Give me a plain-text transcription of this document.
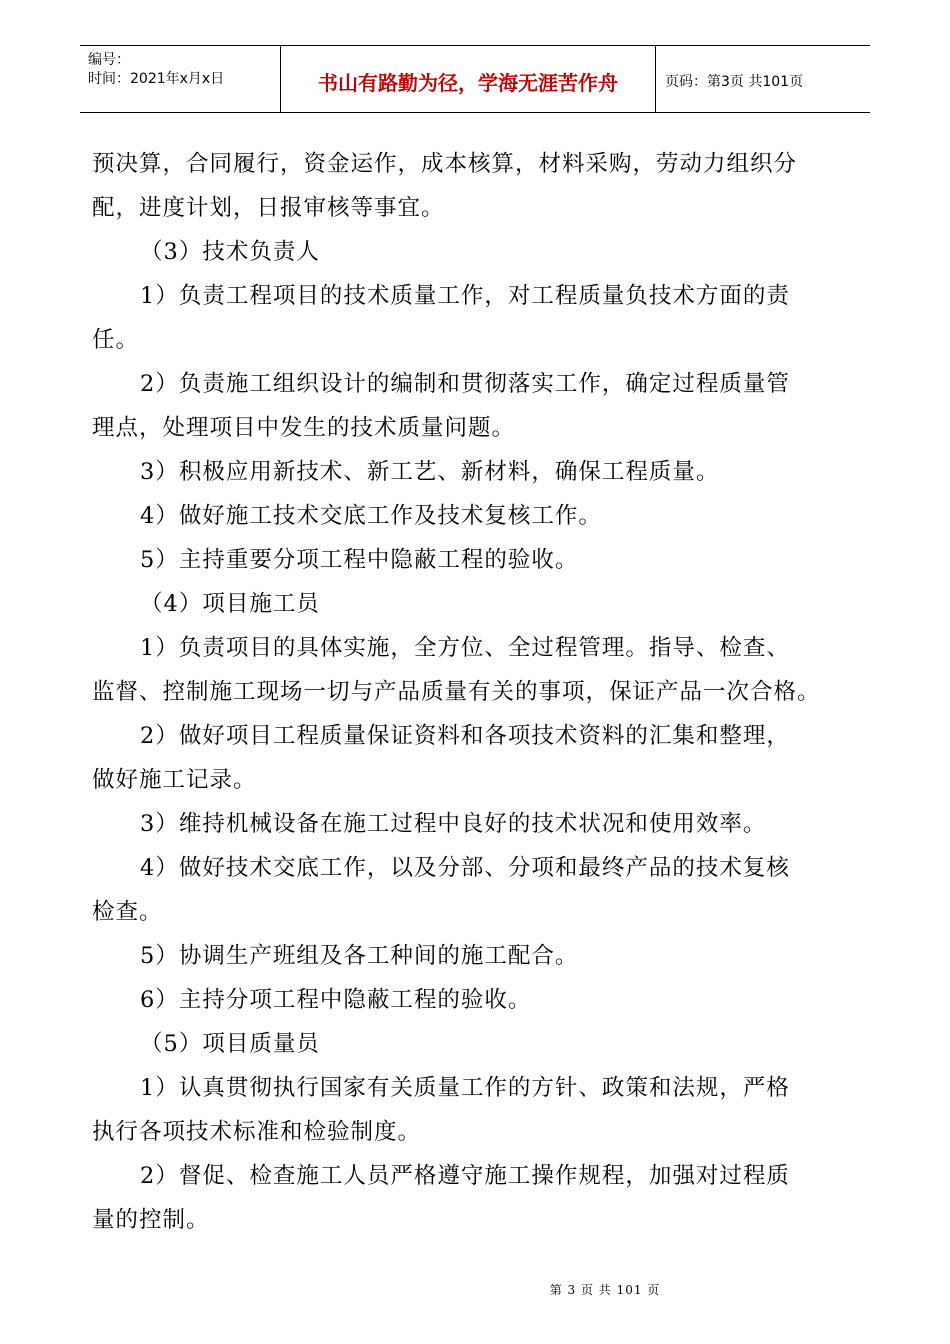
编号：
时间：2021年x月x日	书山有路勤为径，学海无涯苦作舟	页码：第3页 共101页

预决算，合同履行，资金运作，成本核算，材料采购，劳动力组织分

配，进度计划，日报审核等事宜。

（3）技术负责人

1）负责工程项目的技术质量工作，对工程质量负技术方面的责

任。

2）负责施工组织设计的编制和贯彻落实工作，确定过程质量管

理点，处理项目中发生的技术质量问题。

3）积极应用新技术、新工艺、新材料，确保工程质量。

4）做好施工技术交底工作及技术复核工作。

5）主持重要分项工程中隐蔽工程的验收。

（4）项目施工员

1）负责项目的具体实施，全方位、全过程管理。指导、检查、

监督、控制施工现场一切与产品质量有关的事项，保证产品一次合格。

2）做好项目工程质量保证资料和各项技术资料的汇集和整理，

做好施工记录。

3）维持机械设备在施工过程中良好的技术状况和使用效率。

4）做好技术交底工作，以及分部、分项和最终产品的技术复核

检查。

5）协调生产班组及各工种间的施工配合。

6）主持分项工程中隐蔽工程的验收。

（5）项目质量员

1）认真贯彻执行国家有关质量工作的方针、政策和法规，严格

执行各项技术标准和检验制度。

2）督促、检查施工人员严格遵守施工操作规程，加强对过程质

量的控制。

第 3 页 共 101 页
